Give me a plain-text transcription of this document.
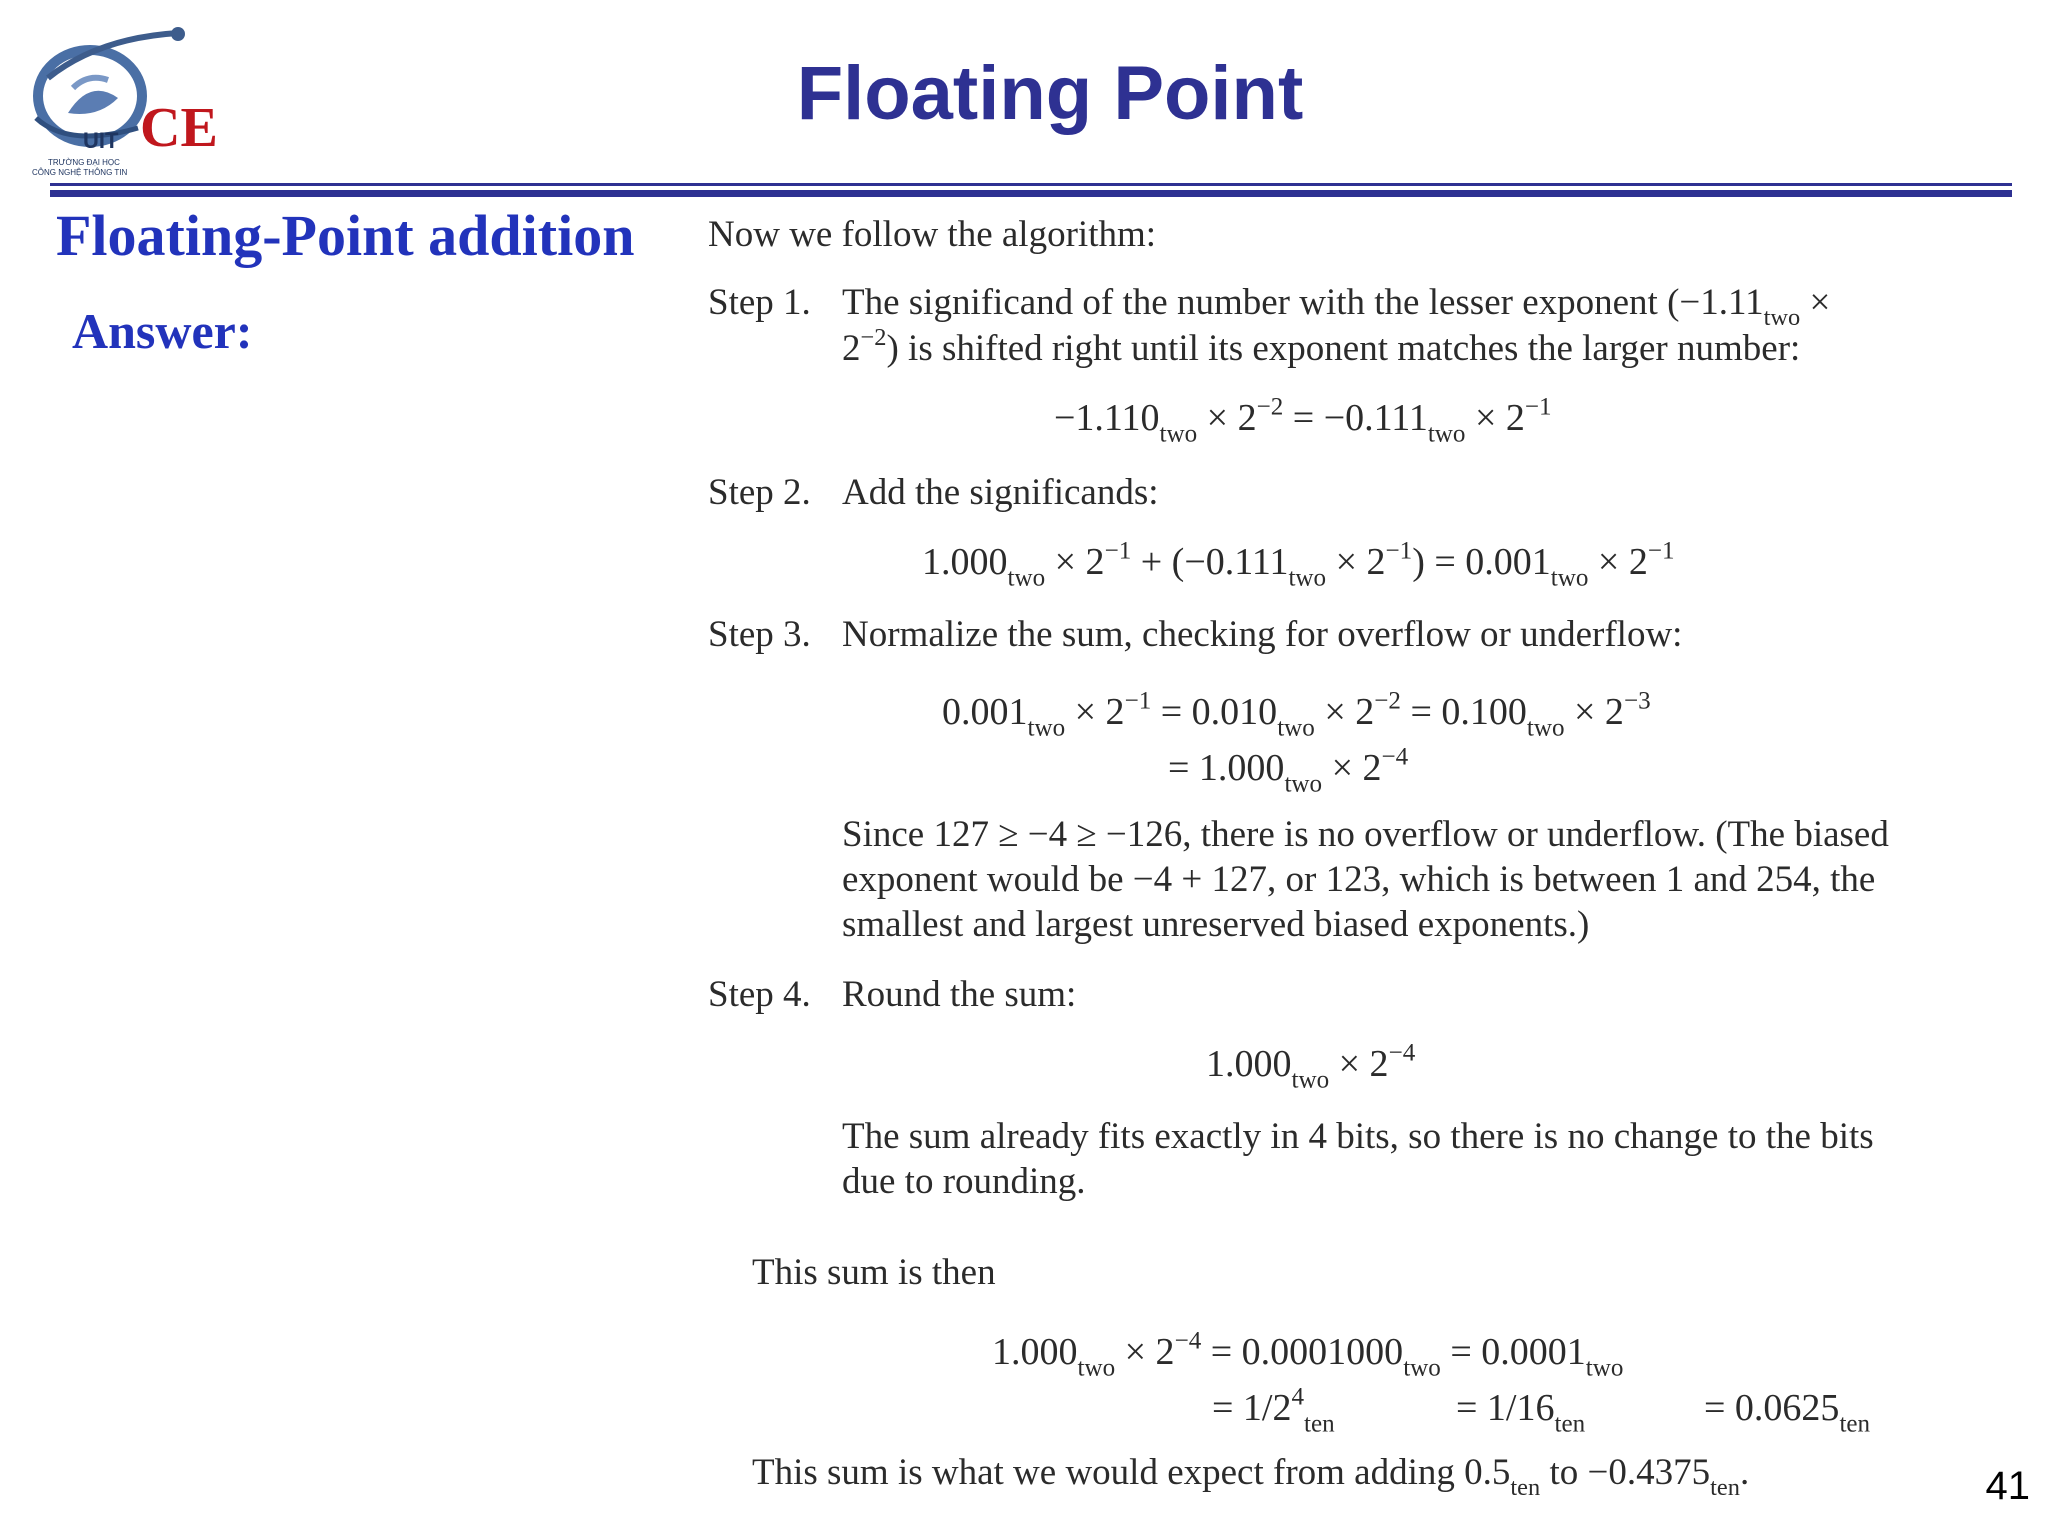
UIT CE
TRƯỜNG ĐẠI HỌC
CÔNG NGHỆ THÔNG TIN
Floating Point
Floating-Point addition
Answer:
Now we follow the algorithm:
Step 1. The significand of the number with the lesser exponent ($-1.11_{two}$ ×
$2^{-2}$) is shifted right until its exponent matches the larger number:
$-1.110_{two} \times 2^{-2} = -0.111_{two} \times 2^{-1}$
Step 2. Add the significands:
$1.000_{two} \times 2^{-1} + (-0.111_{two} \times 2^{-1}) = 0.001_{two} \times 2^{-1}$
Step 3. Normalize the sum, checking for overflow or underflow:
$0.001_{two} \times 2^{-1} = 0.010_{two} \times 2^{-2} = 0.100_{two} \times 2^{-3}$
= $1.000_{two} \times 2^{-4}$
Since 127 ≥ −4 ≥ −126, there is no overflow or underflow. (The biased
exponent would be −4 + 127, or 123, which is between 1 and 254, the
smallest and largest unreserved biased exponents.)
Step 4. Round the sum:
$1.000_{two} \times 2^{-4}$
The sum already fits exactly in 4 bits, so there is no change to the bits
due to rounding.
This sum is then
$1.000_{two} \times 2^{-4} = 0.0001000_{two} = 0.0001_{two}$
= $1/2^4_{ten}$	= $1/16_{ten}$	= $0.0625_{ten}$
This sum is what we would expect from adding $0.5_{ten}$ to $-0.4375_{ten}$.	41
